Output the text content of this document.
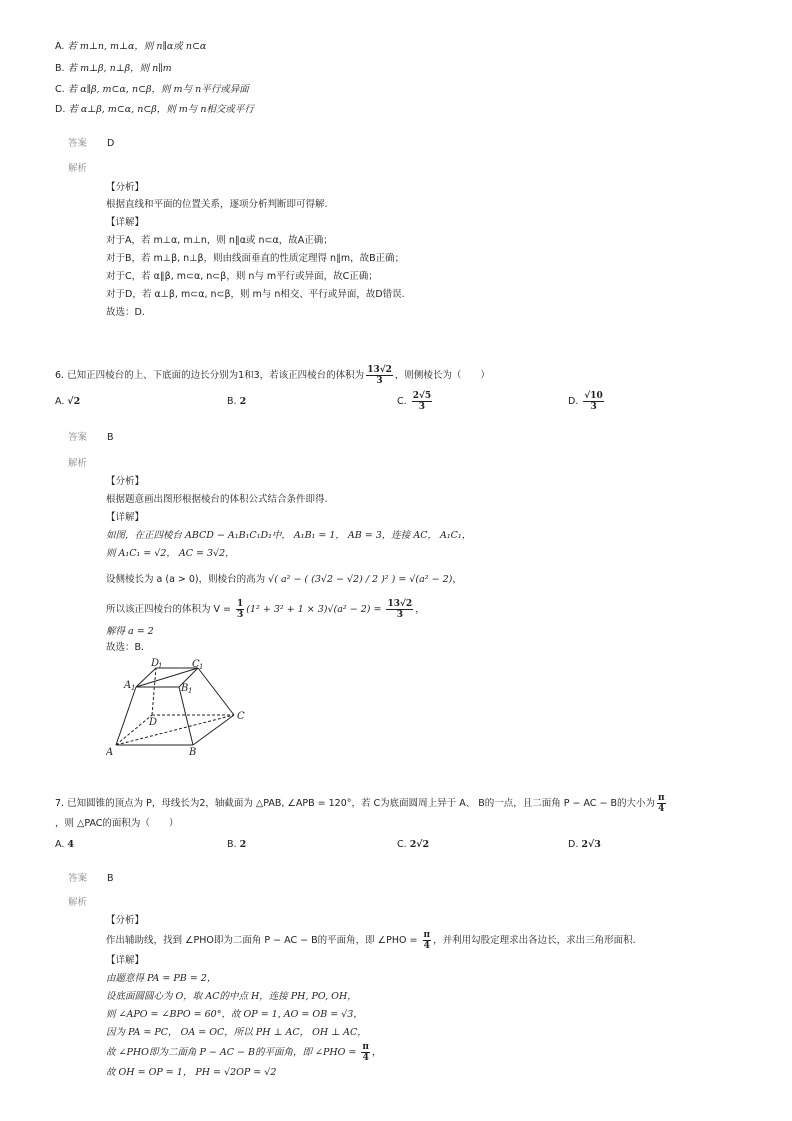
A. 若 m⊥n, m⊥α，则 n∥α或 n⊂α
B. 若 m⊥β, n⊥β，则 n∥m
C. 若 α∥β, m⊂α, n⊂β，则 m与 n平行或异面
D. 若 α⊥β, m⊂α, n⊂β，则 m与 n相交或平行
答案 D
解析
【分析】
根据直线和平面的位置关系，逐项分析判断即可得解.
【详解】
对于A，若 m⊥α, m⊥n，则 n∥α或 n⊂α，故A正确；
对于B，若 m⊥β, n⊥β，则由线面垂直的性质定理得 n∥m，故B正确；
对于C，若 α∥β, m⊂α, n⊂β，则 n与 m平行或异面，故C正确；
对于D，若 α⊥β, m⊂α, n⊂β，则 m与 n相交、平行或异面，故D错误.
故选：D.
6. 已知正四棱台的上、下底面的边长分别为1和3，若该正四棱台的体积为 $\frac{13√2}{3}$ ，则侧棱长为（　　）
A. √2	B. 2	C. $\frac{2√5}{3}$	D. $\frac{√10}{3}$
答案 B
解析
【分析】
根据题意画出图形根据棱台的体积公式结合条件即得.
【详解】
如图，在正四棱台 ABCD − A₁B₁C₁D₁中， A₁B₁ = 1， AB = 3，连接 AC， A₁C₁，
则 A₁C₁ = √2， AC = 3√2，
设侧棱长为 a (a > 0)，则棱台的高为 √( a² − ( (3√2 − √2) / 2 )² ) = √(a² − 2)，
所以该正四棱台的体积为 $V = \frac{1}{3} (1^2 + 3^2 + 1 \times 3)√(a^2 - 2) = \frac{13√2}{3}$ ，
解得 a = 2
故选：B.
A	B
C
D
A 1	B 1
C 1
D
1
7. 已知圆锥的顶点为 P，母线长为2，轴截面为 △PAB, ∠APB = 120°，若 C为底面圆周上异于 A、 B的一点，且二面角 P − AC − B的大小为 $\frac{\pi}{4}$
，则 △PAC的面积为（　　）
A. 4	B. 2	C. 2√2	D. 2√3
答案 B
解析
【分析】
作出辅助线，找到 ∠PHO即为二面角 P − AC − B的平面角，即 ∠PHO = $\frac{\pi}{4}$ ，并利用勾股定理求出各边长，求出三角形面积.
【详解】
由题意得 PA = PB = 2，
设底面圆圆心为 O，取 AC的中点 H，连接 PH, PO, OH，
则 ∠APO = ∠BPO = 60°，故 OP = 1, AO = OB = √3，
因为 PA = PC， OA = OC，所以 PH ⊥ AC， OH ⊥ AC，
故 ∠PHO即为二面角 P − AC − B的平面角，即 ∠PHO = $\frac{\pi}{4}$ ，
故 OH = OP = 1， PH = √2OP = √2
